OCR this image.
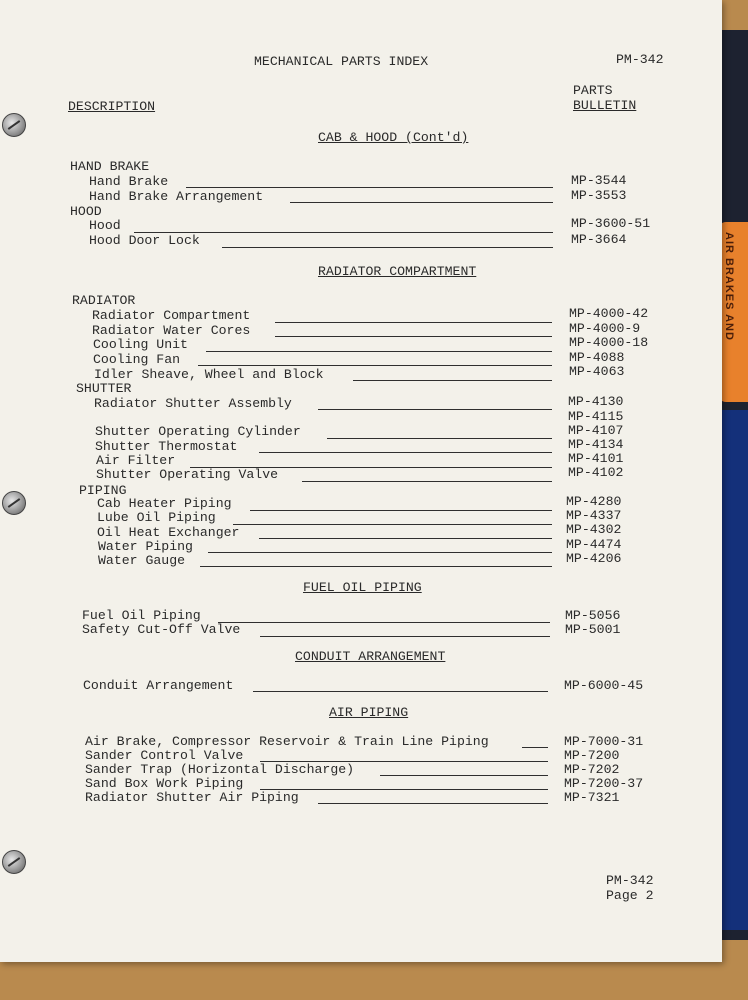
AIR BRAKES AND
MECHANICAL PARTS INDEX	PM-342
DESCRIPTION
PARTS
BULLETIN
CAB & HOOD (Cont'd)
HAND BRAKE
Hand Brake	MP-3544
Hand Brake Arrangement	MP-3553
HOOD
Hood	MP-3600-51
Hood Door Lock	MP-3664
RADIATOR COMPARTMENT
RADIATOR
Radiator Compartment	MP-4000-42
Radiator Water Cores	MP-4000-9
Cooling Unit	MP-4000-18
Cooling Fan	MP-4088
Idler Sheave, Wheel and Block	MP-4063
SHUTTER
Radiator Shutter Assembly	MP-4130
MP-4115
Shutter Operating Cylinder	MP-4107
Shutter Thermostat	MP-4134
Air Filter	MP-4101
Shutter Operating Valve	MP-4102
PIPING
Cab Heater Piping	MP-4280
Lube Oil Piping	MP-4337
Oil Heat Exchanger	MP-4302
Water Piping	MP-4474
Water Gauge	MP-4206
FUEL OIL PIPING
Fuel Oil Piping	MP-5056
Safety Cut-Off Valve	MP-5001
CONDUIT ARRANGEMENT
Conduit Arrangement	MP-6000-45
AIR PIPING
Air Brake, Compressor Reservoir & Train Line Piping	MP-7000-31
Sander Control Valve	MP-7200
Sander Trap (Horizontal Discharge)	MP-7202
Sand Box Work Piping	MP-7200-37
Radiator Shutter Air Piping	MP-7321
PM-342
Page 2
